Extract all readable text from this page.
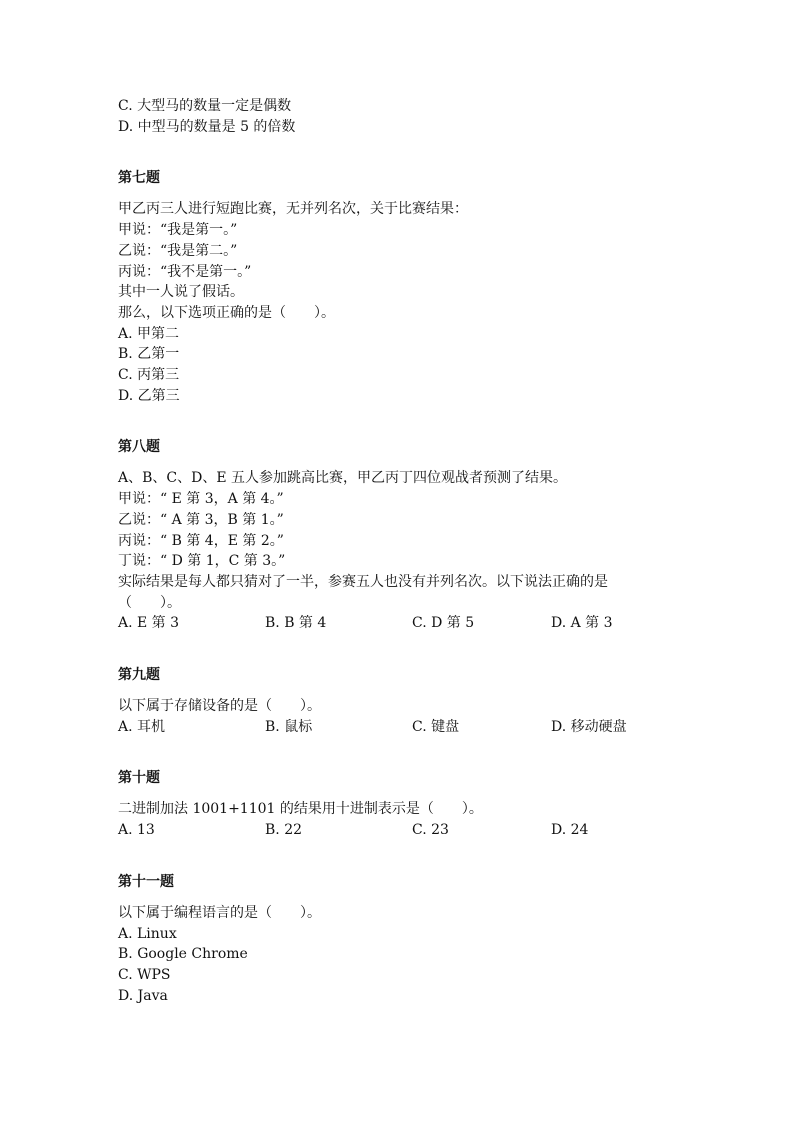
C. 大型马的数量一定是偶数
D. 中型马的数量是 5 的倍数
第七题
甲乙丙三人进行短跑比赛，无并列名次，关于比赛结果：
甲说：“我是第一。”
乙说：“我是第二。”
丙说：“我不是第一。”
其中一人说了假话。
那么，以下选项正确的是（　　）。
A. 甲第二
B. 乙第一
C. 丙第三
D. 乙第三
第八题
A、B、C、D、E 五人参加跳高比赛，甲乙丙丁四位观战者预测了结果。
甲说：“ E 第 3，A 第 4。”
乙说：“ A 第 3，B 第 1。”
丙说：“ B 第 4，E 第 2。”
丁说：“ D 第 1，C 第 3。”
实际结果是每人都只猜对了一半，参赛五人也没有并列名次。以下说法正确的是
（　　）。
A. E 第 3	B. B 第 4	C. D 第 5	D. A 第 3
第九题
以下属于存储设备的是（　　）。
A. 耳机	B. 鼠标	C. 键盘	D. 移动硬盘
第十题
二进制加法 1001+1101 的结果用十进制表示是（　　）。
A. 13	B. 22	C. 23	D. 24
第十一题
以下属于编程语言的是（　　）。
A. Linux
B. Google Chrome
C. WPS
D. Java
